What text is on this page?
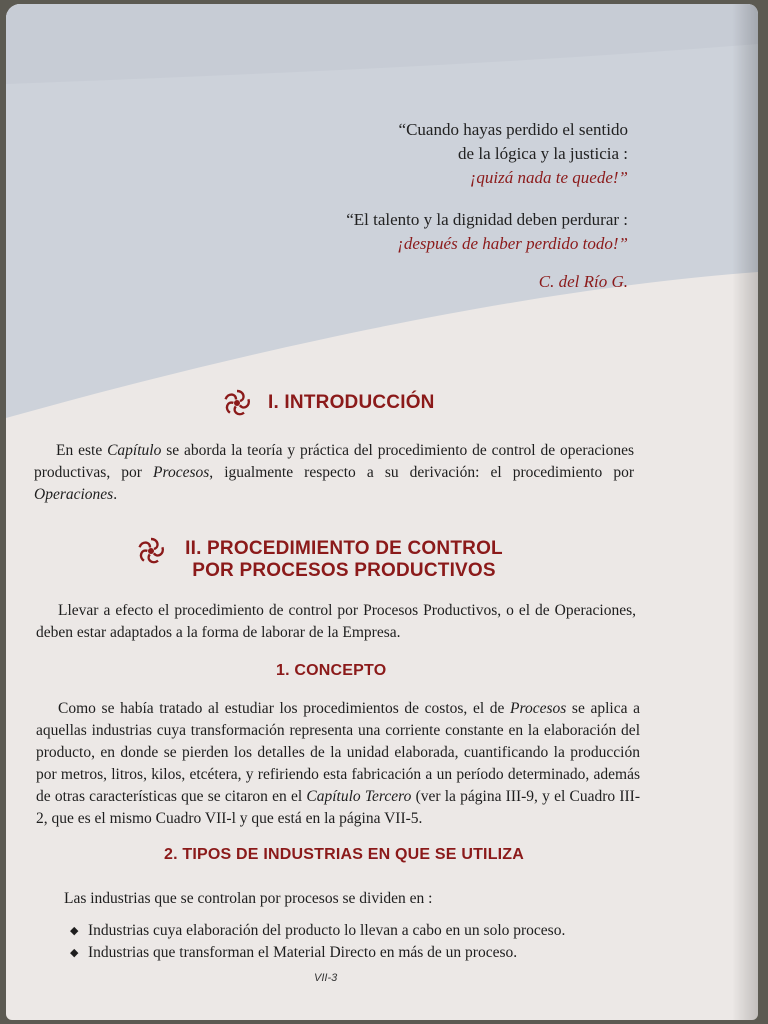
“Cuando hayas perdido el sentido
de la lógica y la justicia :
¡quizá nada te quede!”

“El talento y la dignidad deben perdurar :
¡después de haber perdido todo!”

C. del Río G.

I. INTRODUCCIÓN
En este Capítulo se aborda la teoría y práctica del procedimiento de control de operaciones productivas, por Procesos, igualmente respecto a su derivación: el procedimiento por Operaciones.
II. PROCEDIMIENTO DE CONTROL
POR PROCESOS PRODUCTIVOS
Llevar a efecto el procedimiento de control por Procesos Productivos, o el de Operaciones, deben estar adaptados a la forma de laborar de la Empresa.
1. CONCEPTO
Como se había tratado al estudiar los procedimientos de costos, el de Procesos se aplica a aquellas industrias cuya transformación representa una corriente constante en la elaboración del producto, en donde se pierden los detalles de la unidad elaborada, cuantificando la producción por metros, litros, kilos, etcétera, y refiriendo esta fabricación a un período determinado, además de otras características que se citaron en el Capítulo Tercero (ver la página III-9, y el Cuadro III-2, que es el mismo Cuadro VII-l y que está en la página VII-5.
2. TIPOS DE INDUSTRIAS EN QUE SE UTILIZA
Las industrias que se controlan por procesos se dividen en :
◆ Industrias cuya elaboración del producto lo llevan a cabo en un solo proceso.
◆ Industrias que transforman el Material Directo en más de un proceso.
VII-3
